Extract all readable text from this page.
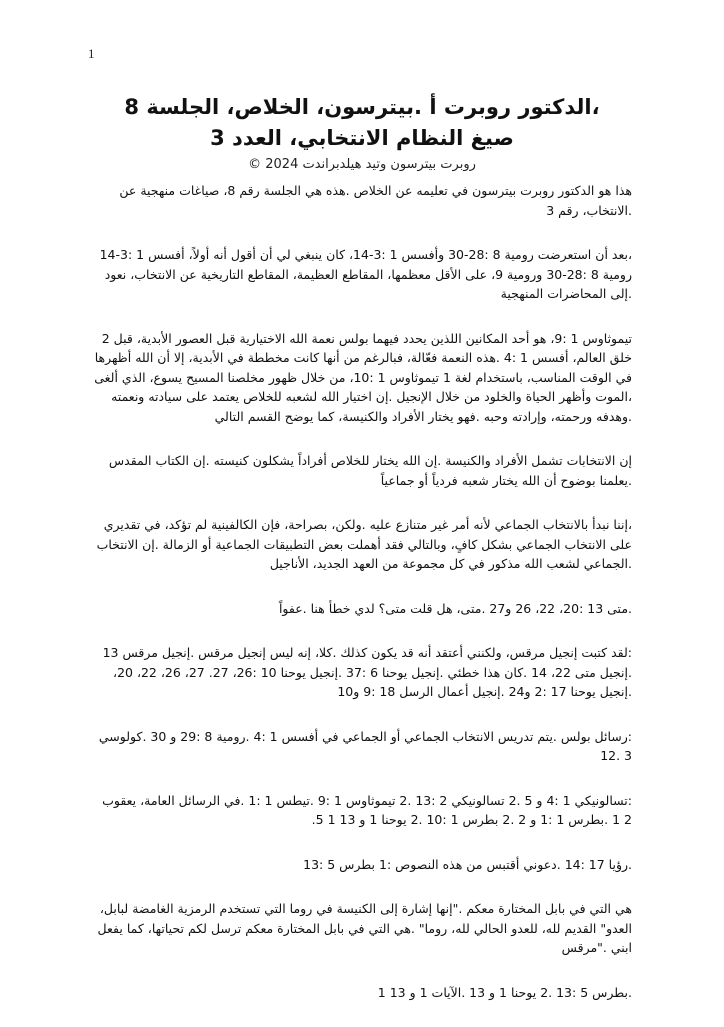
1
،الدكتور روبرت أ .بيترسون، الخلاص، الجلسة 8
صيغ النظام الانتخابي، العدد 3

روبرت بيترسون وتيد هيلدبراندت 2024 ©

هذا هو الدكتور روبرت بيترسون في تعليمه عن الخلاص .هذه هي الجلسة رقم 8، صياغات منهجية عن .الانتخاب، رقم 3

،بعد أن استعرضت رومية 8 :28-30 وأفسس 1 :3-14، كان ينبغي لي أن أقول أنه أولاً، أفسس 1 :3-14 رومية 8 :28-30 ورومية 9، على الأقل معظمها، المقاطع العظيمة، المقاطع التاريخية عن الانتخاب، نعود .إلى المحاضرات المنهجية

تيموثاوس 1 :9، هو أحد المكانين اللذين يحدد فيهما بولس نعمة الله الاختيارية قبل العصور الأبدية، قبل 2 خلق العالم، أفسس 1 :4 .هذه النعمة فعّالة، فبالرغم من أنها كانت مخططة في الأبدية، إلا أن الله أظهرها في الوقت المناسب، باستخدام لغة 1 تيموثاوس 1 :10، من خلال ظهور مخلصنا المسيح يسوع، الذي ألغى ،الموت وأظهر الحياة والخلود من خلال الإنجيل .إن اختيار الله لشعبه للخلاص يعتمد على سيادته ونعمته .وهدفه ورحمته، وإرادته وحبه .فهو يختار الأفراد والكنيسة، كما يوضح القسم التالي

إن الانتخابات تشمل الأفراد والكنيسة .إن الله يختار للخلاص أفراداً يشكلون كنيسته .إن الكتاب المقدس .يعلمنا بوضوح أن الله يختار شعبه فردياً أو جماعياً

،إننا نبدأ بالانتخاب الجماعي لأنه أمر غير متنازع عليه .ولكن، بصراحة، فإن الكالفينية لم تؤكد، في تقديري على الانتخاب الجماعي بشكل كافٍ، وبالتالي فقد أهملت بعض التطبيقات الجماعية أو الزمالة .إن الانتخاب .الجماعي لشعب الله مذكور في كل مجموعة من العهد الجديد، الأناجيل

.متى 13 :20، 22، 26 و27 .متى، هل قلت متى؟ لدي خطأ هنا .عفواً

:لقد كتبت إنجيل مرقس، ولكنني أعتقد أنه قد يكون كذلك .كلا، إنه ليس إنجيل مرقس .إنجيل مرقس 13 .إنجيل متى 22، 14 .كان هذا خطئي .إنجيل يوحنا 6 :37 .إنجيل يوحنا 10 :26، 27. 27، 26، 22، 20، .إنجيل يوحنا 17 :2 و24 .إنجيل أعمال الرسل 18 :9 و10

:رسائل بولس .يتم تدريس الانتخاب الجماعي أو الجماعي في أفسس 1 :4 .رومية 8 :29 و 30 .كولوسي 3 .12

:تسالونيكي 1 :4 و 5 .2 تسالونيكي 2 :13 .2 تيموثاوس 1 :9 .تيطس 1 :1 .في الرسائل العامة، يعقوب 2 1 .بطرس 1 :1 و 2 .2 بطرس 1 :10 .2 يوحنا 1 و 13 1 5.

.رؤيا 17 :14 .دعوني أقتبس من هذه النصوص :1 بطرس 5 :13

هي التي في بابل المختارة معكم ."إنها إشارة إلى الكنيسة في روما التي تستخدم الرمزية الغامضة لبابل، العدو" القديم لله، للعدو الحالي لله، روما" .هي التي في بابل المختارة معكم ترسل لكم تحياتها، كما يفعل ابني ."مرقس

.بطرس 5 :13 .2 يوحنا 1 و 13 .الآيات 1 و 13 1
